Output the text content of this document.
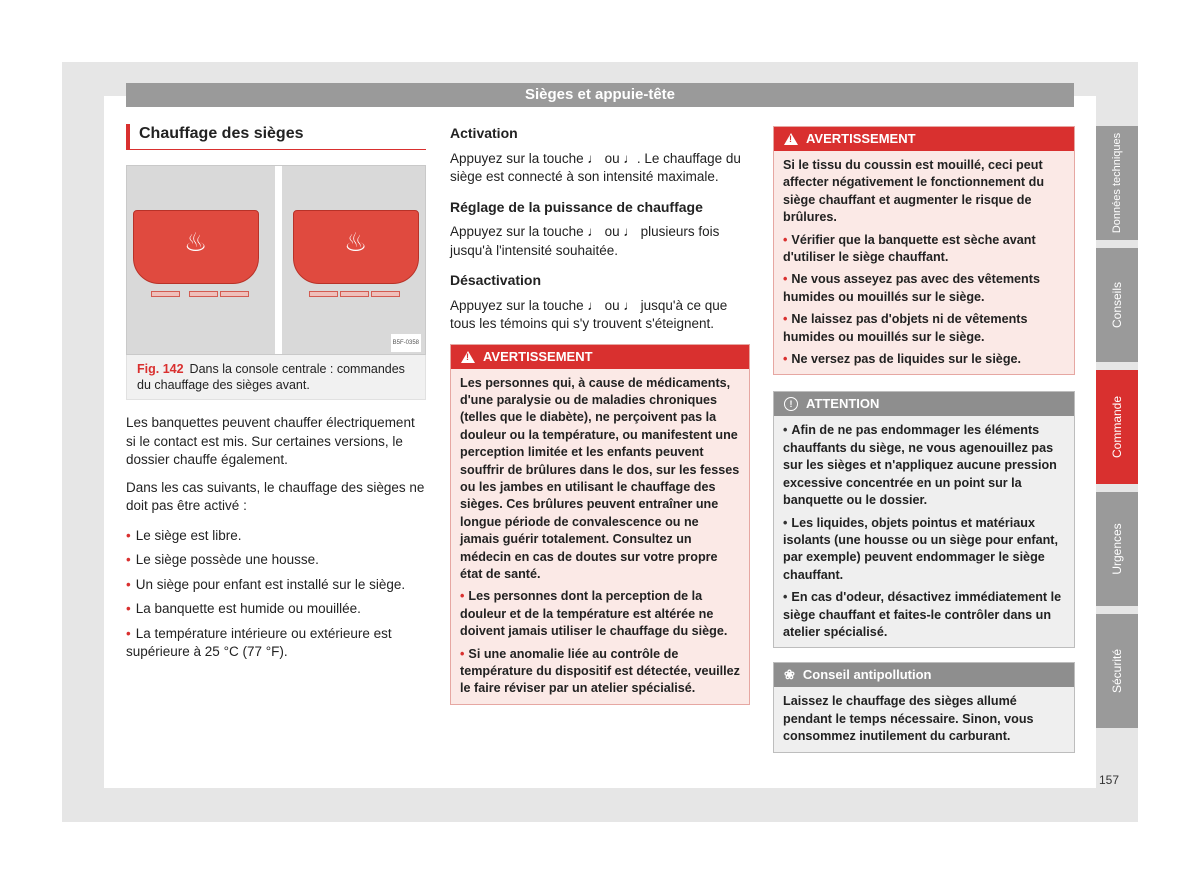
Sièges et appuie-tête
Chauffage des sièges
♨	♨
B5F-0358
Fig. 142 Dans la console centrale : commandes du chauffage des sièges avant.

Les banquettes peuvent chauffer électriquement si le contact est mis. Sur certaines versions, le dossier chauffe également.

Dans les cas suivants, le chauffage des sièges ne doit pas être activé :

• Le siège est libre.
• Le siège possède une housse.
• Un siège pour enfant est installé sur le siège.
• La banquette est humide ou mouillée.
• La température intérieure ou extérieure est supérieure à 25 °C (77 °F).
Activation

Appuyez sur la touche ♩ ou ♩. Le chauffage du siège est connecté à son intensité maximale.

Réglage de la puissance de chauffage

Appuyez sur la touche ♩ ou ♩ plusieurs fois jusqu'à l'intensité souhaitée.

Désactivation

Appuyez sur la touche ♩ ou ♩ jusqu'à ce que tous les témoins qui s'y trouvent s'éteignent.

! AVERTISSEMENT
Les personnes qui, à cause de médicaments, d'une paralysie ou de maladies chroniques (telles que le diabète), ne perçoivent pas la douleur ou la température, ou manifestent une perception limitée et les enfants peuvent souffrir de brûlures dans le dos, sur les fesses ou les jambes en utilisant le chauffage des sièges. Ces brûlures peuvent entraîner une longue période de convalescence ou ne jamais guérir totalement. Consultez un médecin en cas de doutes sur votre propre état de santé.
• Les personnes dont la perception de la douleur et de la température est altérée ne doivent jamais utiliser le chauffage du siège.
• Si une anomalie liée au contrôle de température du dispositif est détectée, veuillez le faire réviser par un atelier spécialisé.
! AVERTISSEMENT
Si le tissu du coussin est mouillé, ceci peut affecter négativement le fonctionnement du siège chauffant et augmenter le risque de brûlures.
• Vérifier que la banquette est sèche avant d'utiliser le siège chauffant.
• Ne vous asseyez pas avec des vêtements humides ou mouillés sur le siège.
• Ne laissez pas d'objets ni de vêtements humides ou mouillés sur le siège.
• Ne versez pas de liquides sur le siège.
!	ATTENTION
• Afin de ne pas endommager les éléments chauffants du siège, ne vous agenouillez pas sur les sièges et n'appliquez aucune pression excessive concentrée en un point sur la banquette ou le dossier.
• Les liquides, objets pointus et matériaux isolants (une housse ou un siège pour enfant, par exemple) peuvent endommager le siège chauffant.
• En cas d'odeur, désactivez immédiatement le siège chauffant et faites-le contrôler dans un atelier spécialisé.
❀ Conseil antipollution
Laissez le chauffage des sièges allumé pendant le temps nécessaire. Sinon, vous consommez inutilement du carburant.
Données techniques
Conseils
Commande
Urgences
Sécurité
157
